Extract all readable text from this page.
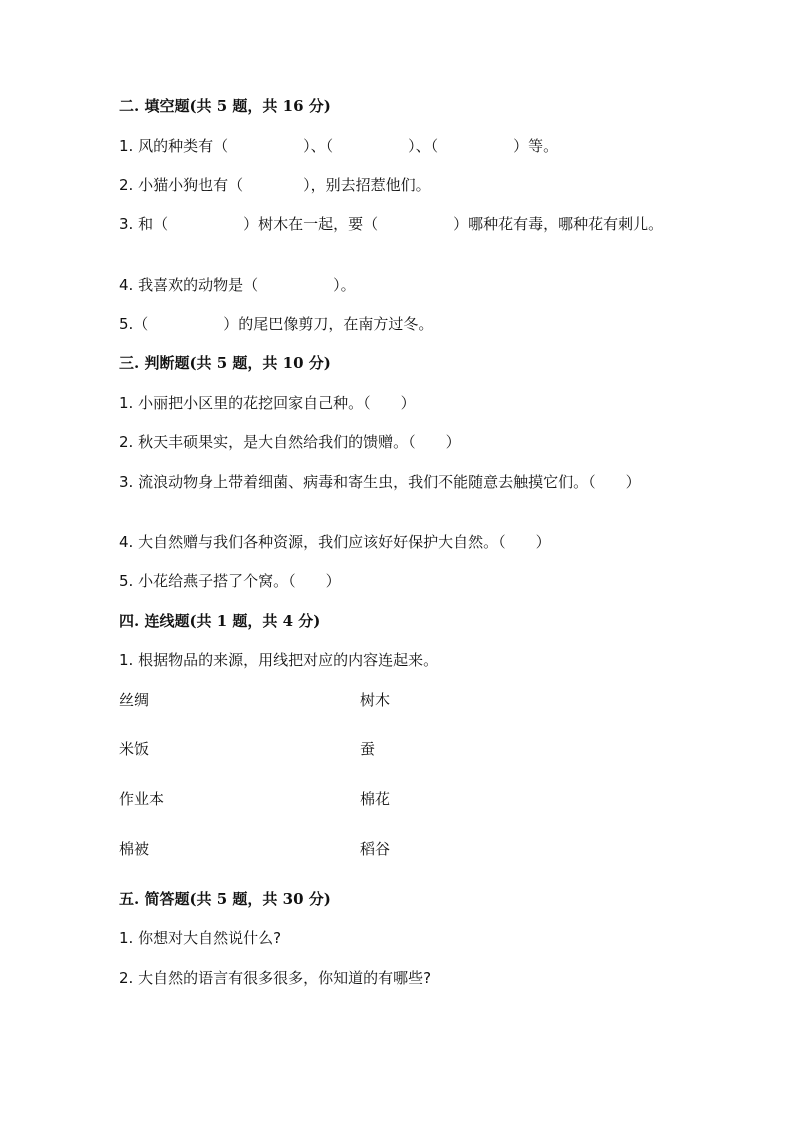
二. 填空题(共 5 题，共 16 分)
1. 风的种类有（　　　　　）、（　　　　　）、（　　　　　）等。
2. 小猫小狗也有（　　　　），别去招惹他们。
3. 和（　　　　　）树木在一起，要（　　　　　）哪种花有毒，哪种花有刺儿。
4. 我喜欢的动物是（　　　　　）。
5.（　　　　　）的尾巴像剪刀，在南方过冬。
三. 判断题(共 5 题，共 10 分)
1. 小丽把小区里的花挖回家自己种。（　　）
2. 秋天丰硕果实，是大自然给我们的馈赠。（　　）
3. 流浪动物身上带着细菌、病毒和寄生虫，我们不能随意去触摸它们。（　　）
4. 大自然赠与我们各种资源，我们应该好好保护大自然。（　　）
5. 小花给燕子搭了个窝。（　　）
四. 连线题(共 1 题，共 4 分)
1. 根据物品的来源，用线把对应的内容连起来。
丝绸	树木
米饭	蚕
作业本	棉花
棉被	稻谷
五. 简答题(共 5 题，共 30 分)
1. 你想对大自然说什么?
2. 大自然的语言有很多很多，你知道的有哪些?
